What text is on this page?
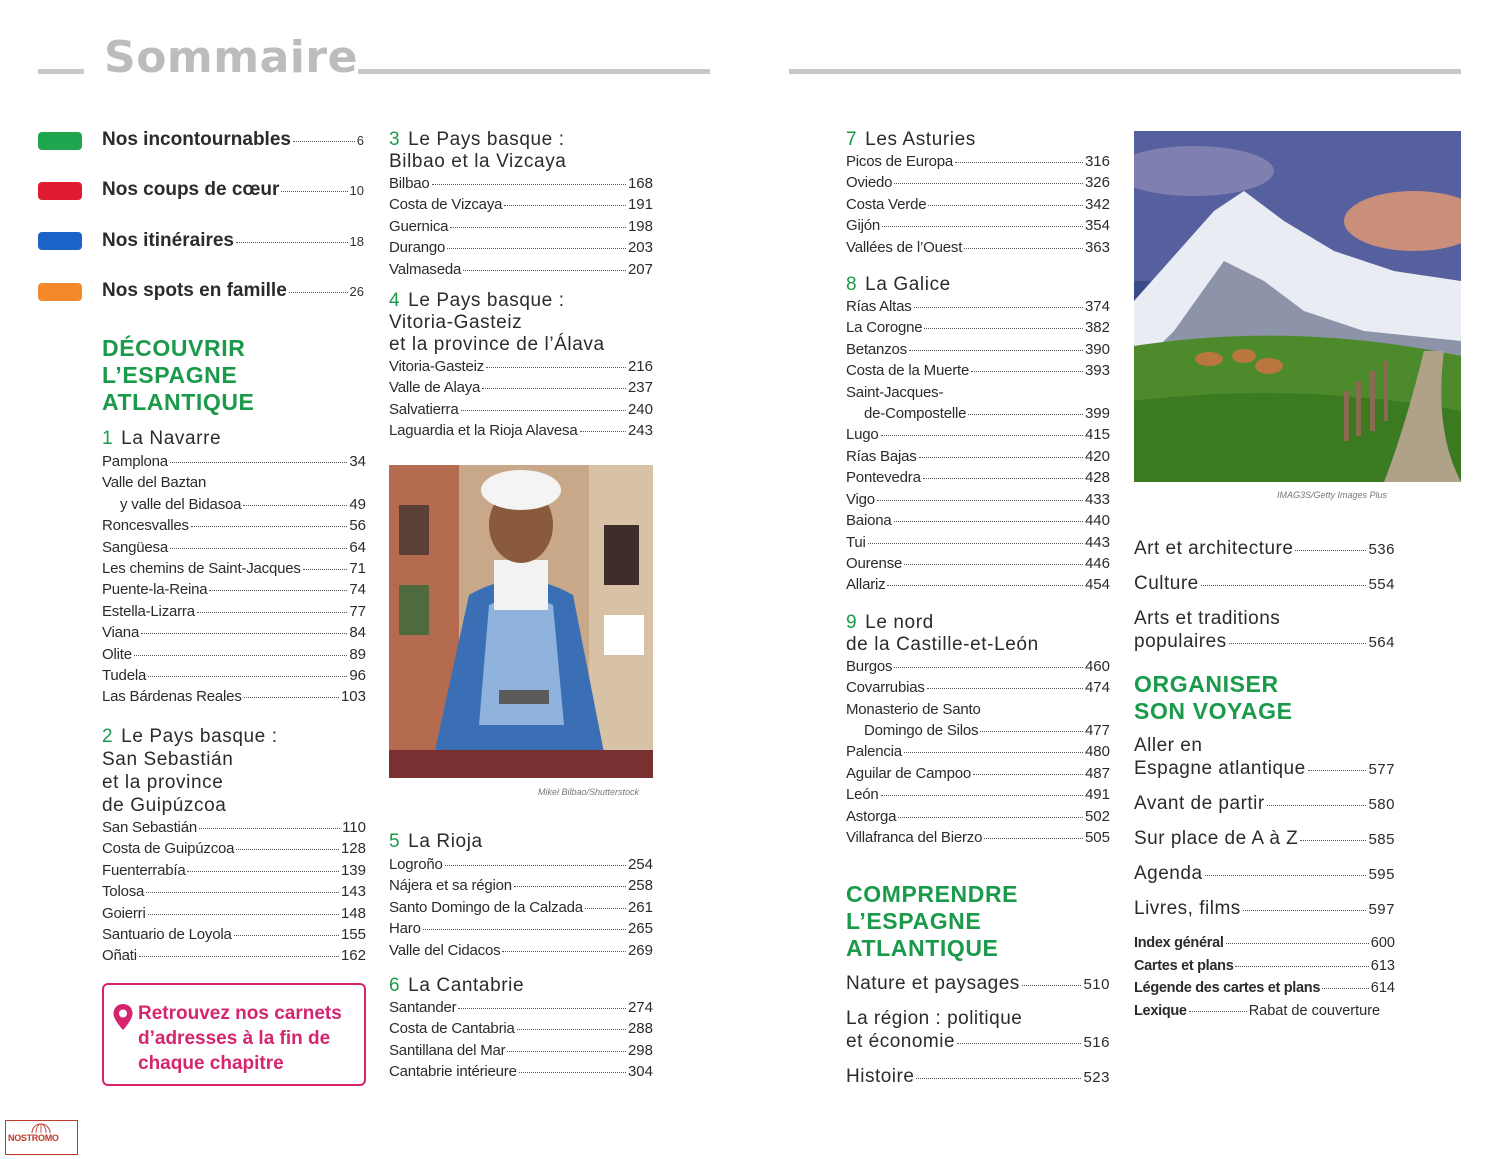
Sommaire
Nos incontournables	6
Nos coups de cœur	10
Nos itinéraires	18
Nos spots en famille	26
DÉCOUVRIR
L’ESPAGNE
ATLANTIQUE
1 La Navarre
Pamplona	34
Valle del Baztan
y valle del Bidasoa	49
Roncesvalles	56
Sangüesa	64
Les chemins de Saint-Jacques	71
Puente-la-Reina	74
Estella-Lizarra	77
Viana	84
Olite	89
Tudela	96
Las Bárdenas Reales	103
2 Le Pays basque :
San Sebastián
et la province
de Guipúzcoa
San Sebastián	110
Costa de Guipúzcoa	128
Fuenterrabía	139
Tolosa	143
Goierri	148
Santuario de Loyola	155
Oñati	162
Retrouvez nos carnets d’adresses à la fin de chaque chapitre
3 Le Pays basque :
Bilbao et la Vizcaya
Bilbao	168
Costa de Vizcaya	191
Guernica	198
Durango	203
Valmaseda	207
4 Le Pays basque :
Vitoria-Gasteiz
et la province de l’Álava
Vitoria-Gasteiz	216
Valle de Alaya	237
Salvatierra	240
Laguardia et la Rioja Alavesa	243
Mikel Bilbao/Shutterstock
5 La Rioja
Logroño	254
Nájera et sa région	258
Santo Domingo de la Calzada	261
Haro	265
Valle del Cidacos	269
6 La Cantabrie
Santander	274
Costa de Cantabria	288
Santillana del Mar	298
Cantabrie intérieure	304
7 Les Asturies
Picos de Europa	316
Oviedo	326
Costa Verde	342
Gijón	354
Vallées de l’Ouest	363
8 La Galice
Rías Altas	374
La Corogne	382
Betanzos	390
Costa de la Muerte	393
Saint-Jacques-
de-Compostelle	399
Lugo	415
Rías Bajas	420
Pontevedra	428
Vigo	433
Baiona	440
Tui	443
Ourense	446
Allariz	454
9 Le nord
de la Castille-et-León
Burgos	460
Covarrubias	474
Monasterio de Santo
Domingo de Silos	477
Palencia	480
Aguilar de Campoo	487
León	491
Astorga	502
Villafranca del Bierzo	505
COMPRENDRE
L’ESPAGNE
ATLANTIQUE
Nature et paysages	510
La région : politique
et économie	516
Histoire	523
IMAG3S/Getty Images Plus
Art et architecture	536
Culture	554
Arts et traditions
populaires	564
ORGANISER
SON VOYAGE
Aller en
Espagne atlantique	577
Avant de partir	580
Sur place de A à Z	585
Agenda	595
Livres, films	597
Index général	600
Cartes et plans	613
Légende des cartes et plans	614
Lexique	Rabat de couverture
NOSTROMO
